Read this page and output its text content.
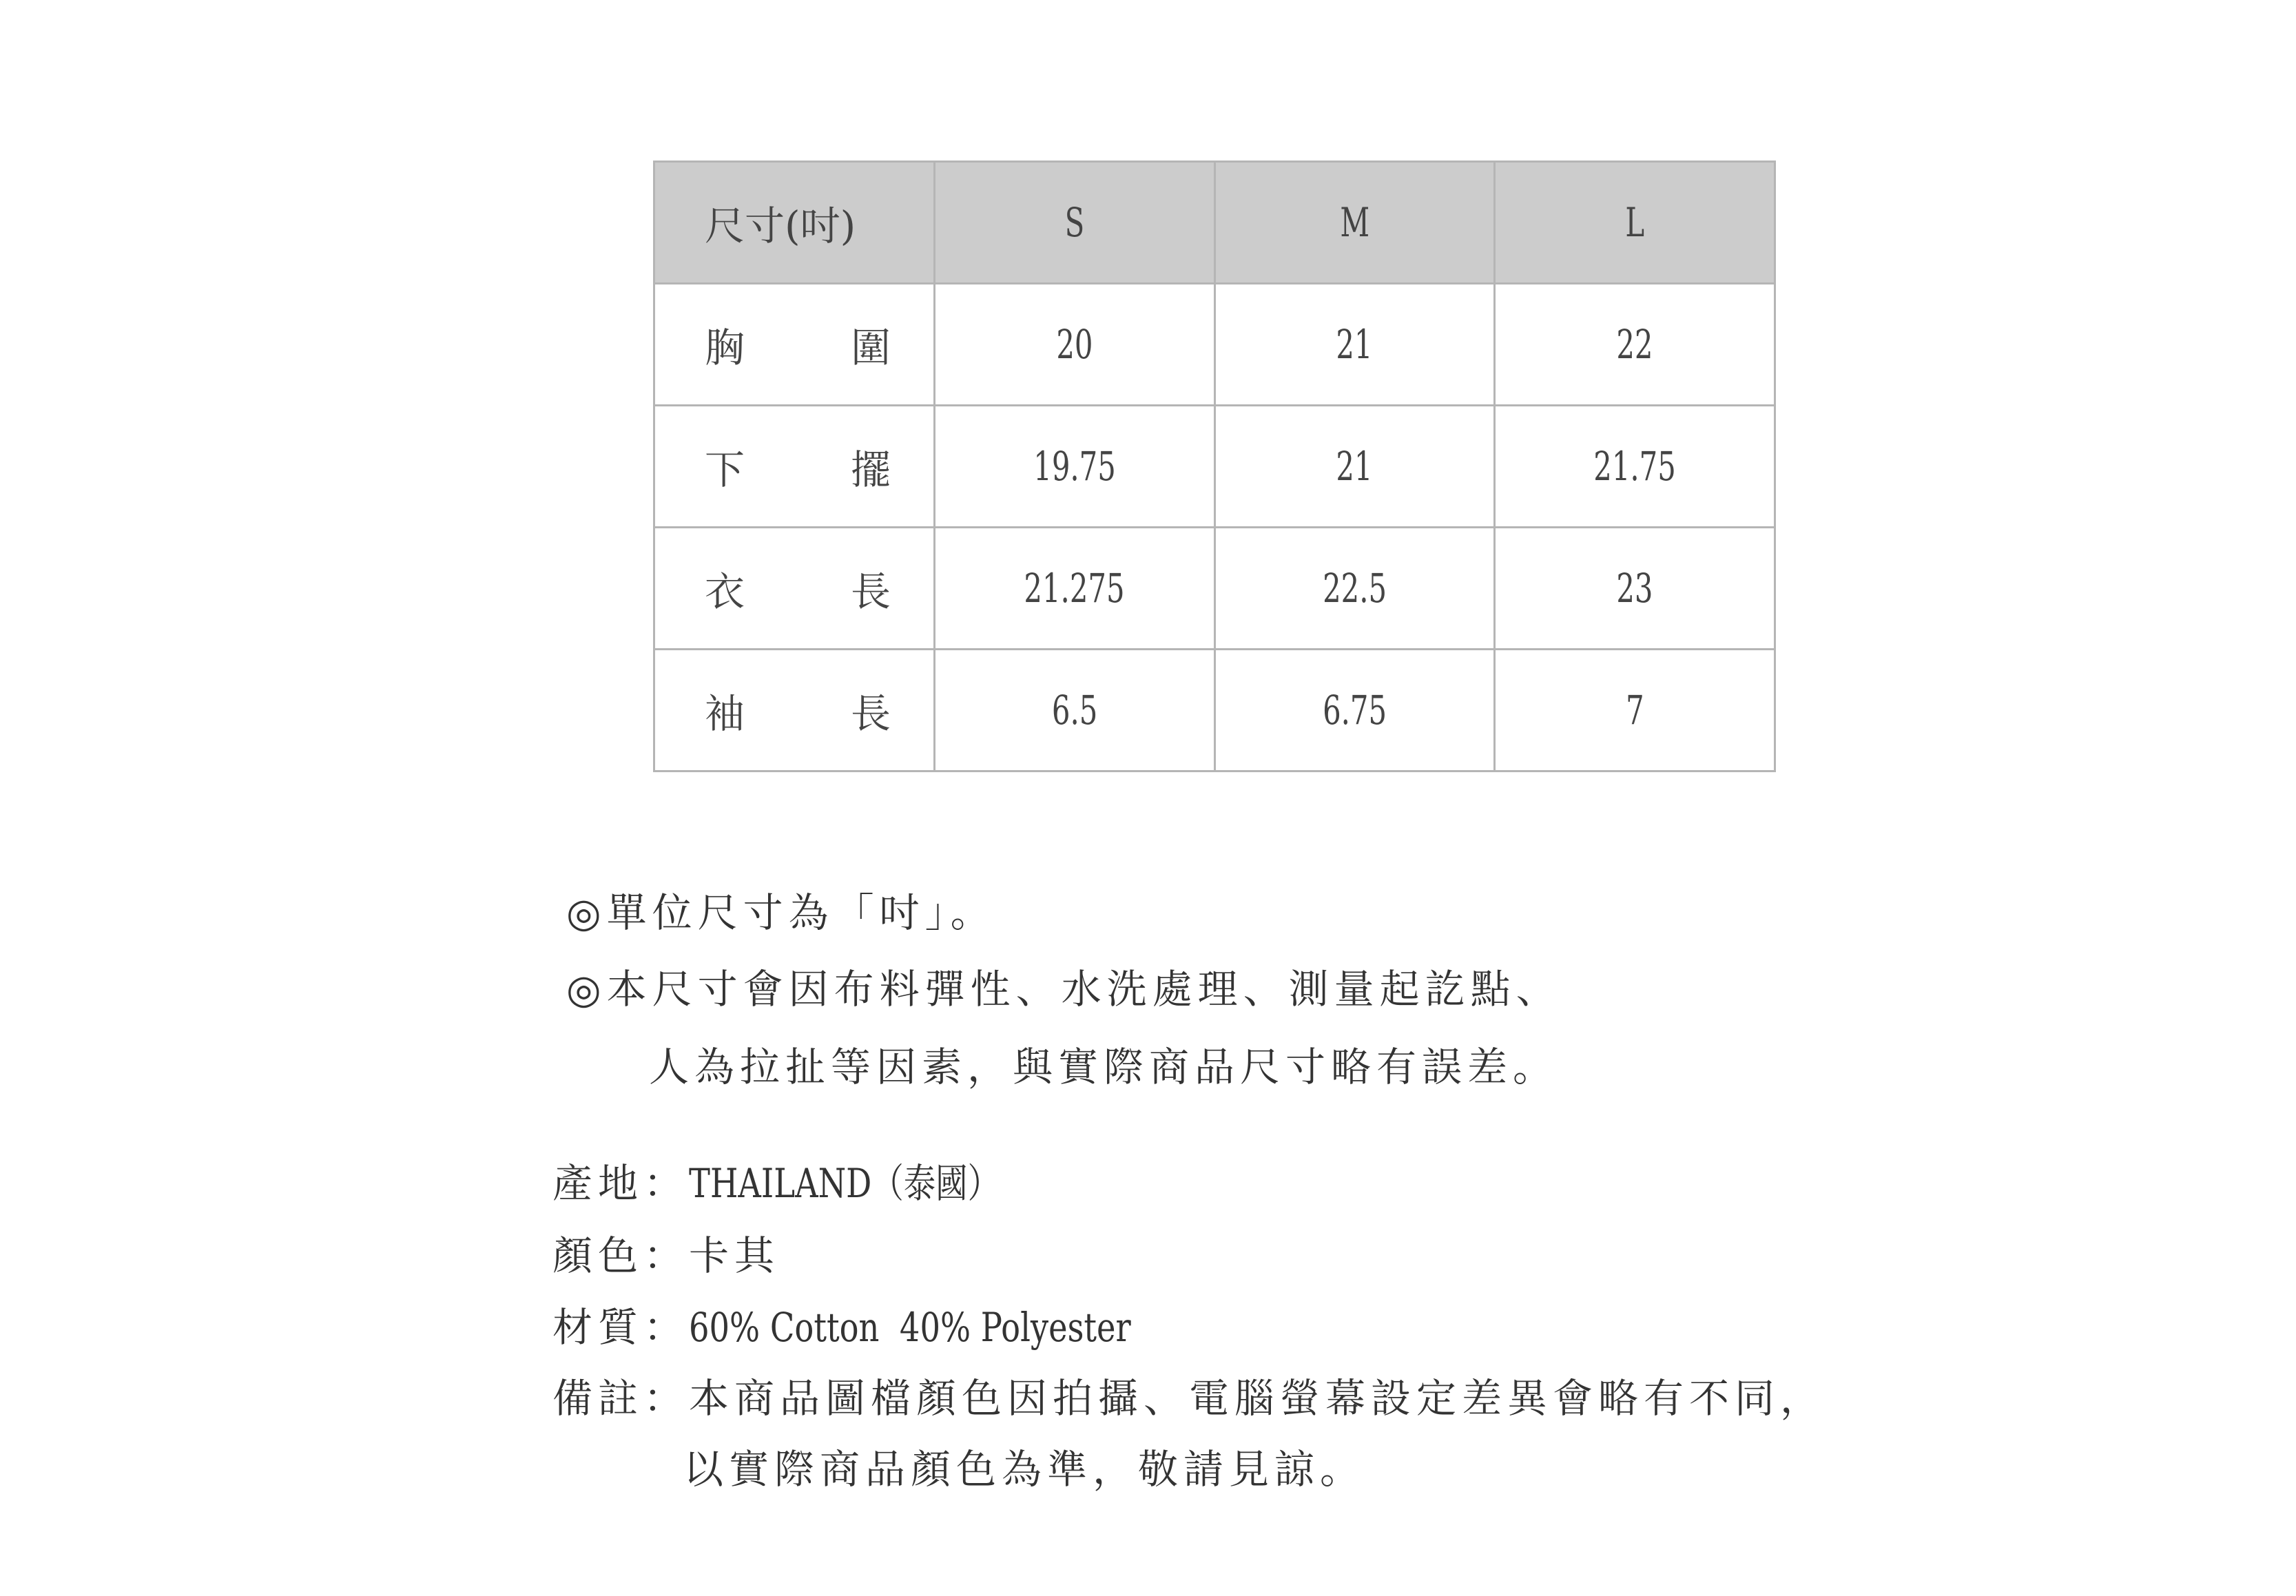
尺寸(吋)	S	M	L
胸　圍	20	21	22
下　擺	19.75	21	21.75
衣　長	21.275	22.5	23
袖　長	6.5	6.75	7
◎單位尺寸為「吋」。
◎本尺寸會因布料彈性、水洗處理、測量起訖點、
人為拉扯等因素，與實際商品尺寸略有誤差。
產地：THAILAND（泰國）
顏色：卡其
材質：60% Cotton  40% Polyester
備註：本商品圖檔顏色因拍攝、電腦螢幕設定差異會略有不同，
以實際商品顏色為準，敬請見諒。
